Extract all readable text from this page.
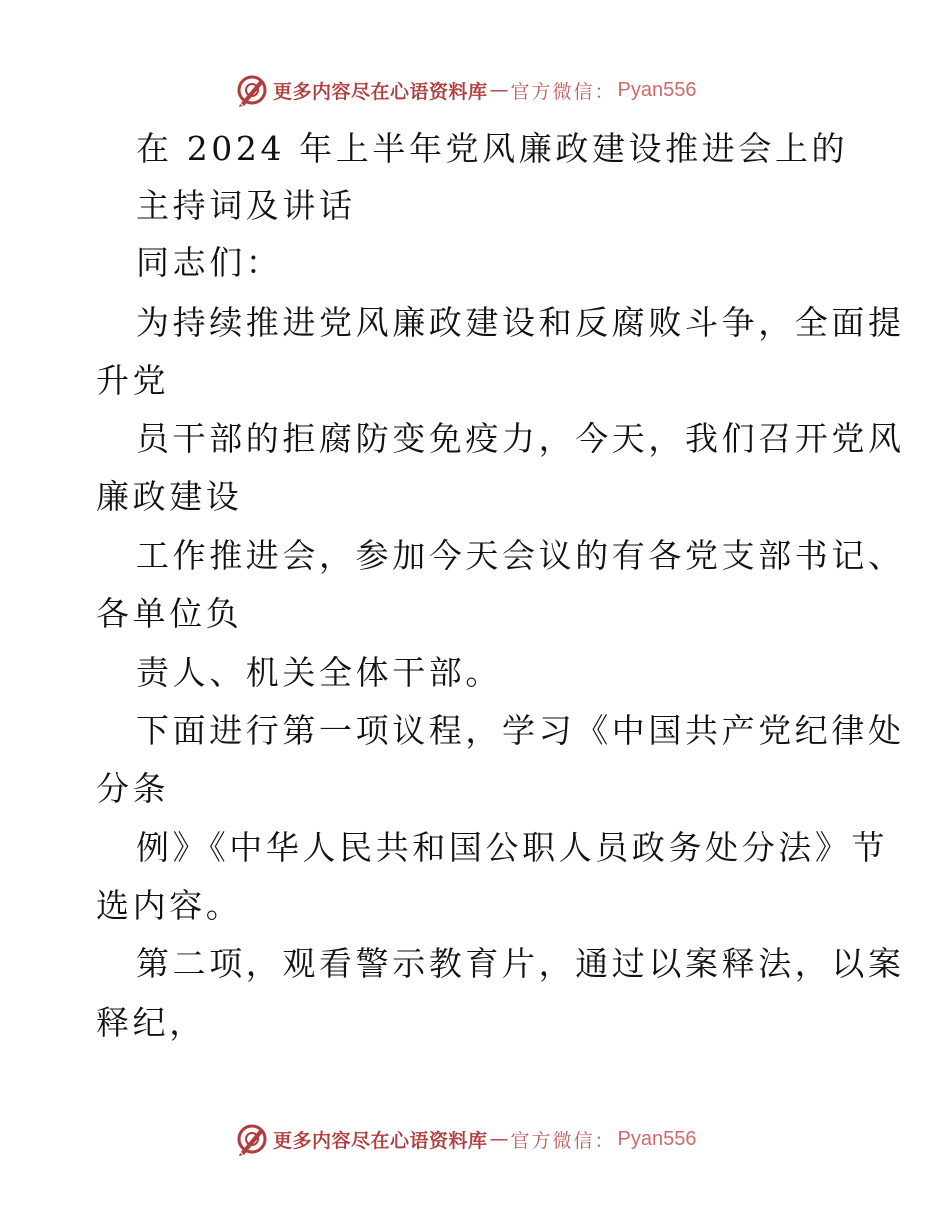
更多内容尽在心语资料库 — 官方微信： Pyan556
在 2024 年上半年党风廉政建设推进会上的
主持词及讲话
同志们：
为持续推进党风廉政建设和反腐败斗争，全面提
升党
员干部的拒腐防变免疫力，今天，我们召开党风
廉政建设
工作推进会，参加今天会议的有各党支部书记、
各单位负
责人、机关全体干部。
下面进行第一项议程，学习《中国共产党纪律处
分条
例》《中华人民共和国公职人员政务处分法》节
选内容。
第二项，观看警示教育片，通过以案释法，以案
释纪，
更多内容尽在心语资料库 — 官方微信： Pyan556
